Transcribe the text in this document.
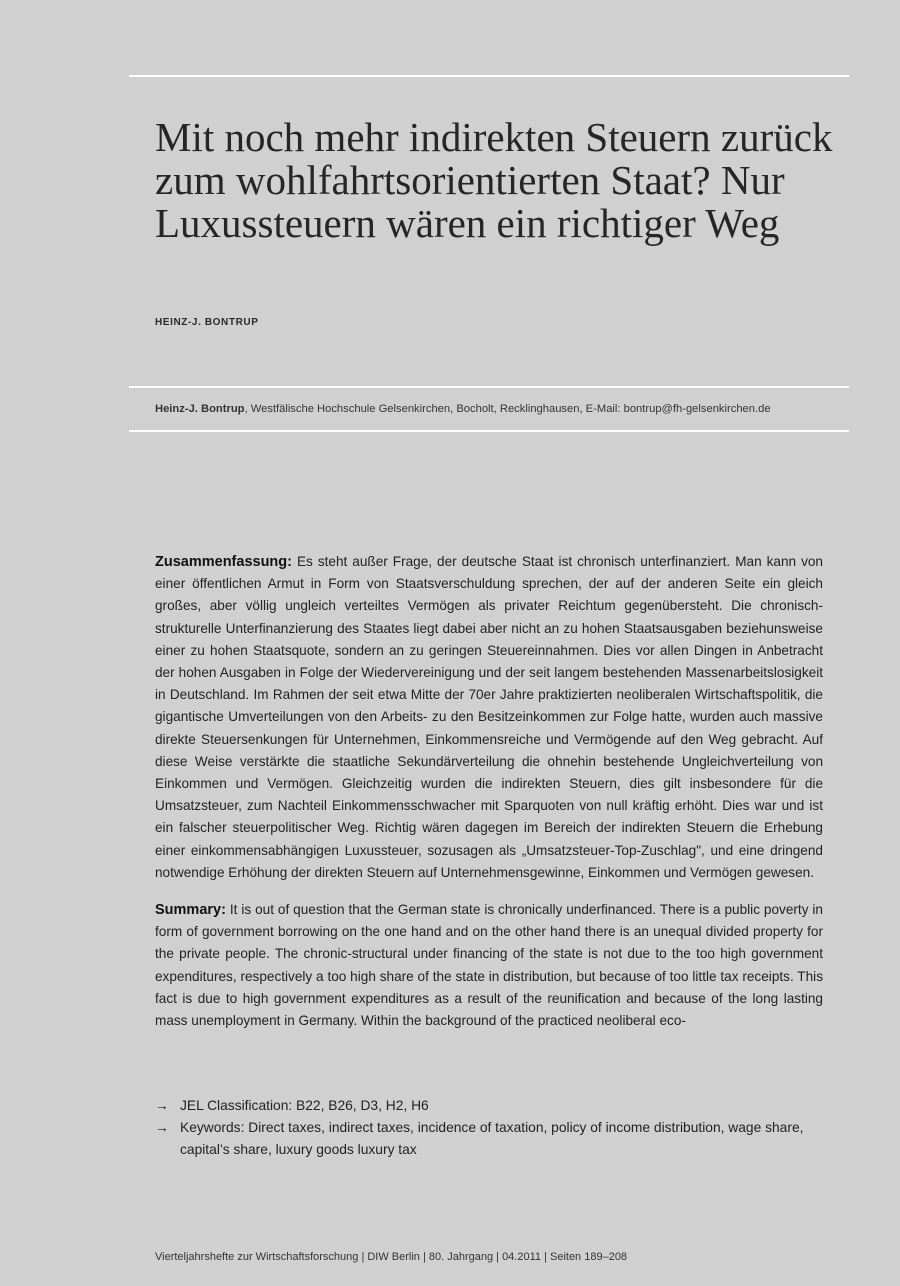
Mit noch mehr indirekten Steuern zurück zum wohlfahrtsorientierten Staat? Nur Luxussteuern wären ein richtiger Weg
HEINZ-J. BONTRUP
Heinz-J. Bontrup, Westfälische Hochschule Gelsenkirchen, Bocholt, Recklinghausen, E-Mail: bontrup@fh-gelsenkirchen.de

Zusammenfassung: Es steht außer Frage, der deutsche Staat ist chronisch unterfinanziert. Man kann von einer öffentlichen Armut in Form von Staatsverschuldung sprechen, der auf der anderen Seite ein gleich großes, aber völlig ungleich verteiltes Vermögen als privater Reichtum gegenübersteht. Die chronisch-strukturelle Unterfinanzierung des Staates liegt dabei aber nicht an zu hohen Staatsausgaben beziehunsweise einer zu hohen Staatsquote, sondern an zu geringen Steuereinnahmen. Dies vor allen Dingen in Anbetracht der hohen Ausgaben in Folge der Wiedervereinigung und der seit langem bestehenden Massenarbeitslosigkeit in Deutschland. Im Rahmen der seit etwa Mitte der 70er Jahre praktizierten neoliberalen Wirtschaftspolitik, die gigantische Umverteilungen von den Arbeits- zu den Besitzeinkommen zur Folge hatte, wurden auch massive direkte Steuersenkungen für Unternehmen, Einkommensreiche und Vermögende auf den Weg gebracht. Auf diese Weise verstärkte die staatliche Sekundärverteilung die ohnehin bestehende Ungleichverteilung von Einkommen und Vermögen. Gleichzeitig wurden die indirekten Steuern, dies gilt insbesondere für die Umsatzsteuer, zum Nachteil Einkommensschwacher mit Sparquoten von null kräftig erhöht. Dies war und ist ein falscher steuerpolitischer Weg. Richtig wären dagegen im Bereich der indirekten Steuern die Erhebung einer einkommensabhängigen Luxussteuer, sozusagen als „Umsatzsteuer-Top-Zuschlag", und eine dringend notwendige Erhöhung der direkten Steuern auf Unternehmensgewinne, Einkommen und Vermögen gewesen.

Summary: It is out of question that the German state is chronically underfinanced. There is a public poverty in form of government borrowing on the one hand and on the other hand there is an unequal divided property for the private people. The chronic-structural under financing of the state is not due to the too high government expenditures, respectively a too high share of the state in distribution, but because of too little tax receipts. This fact is due to high government expenditures as a result of the reunification and because of the long lasting mass unemployment in Germany. Within the background of the practiced neoliberal eco-

→ JEL Classification: B22, B26, D3, H2, H6
→ Keywords: Direct taxes, indirect taxes, incidence of taxation, policy of income distribution, wage share, capital’s share, luxury goods luxury tax
Vierteljahrshefte zur Wirtschaftsforschung | DIW Berlin | 80. Jahrgang | 04.2011 | Seiten 189–208
